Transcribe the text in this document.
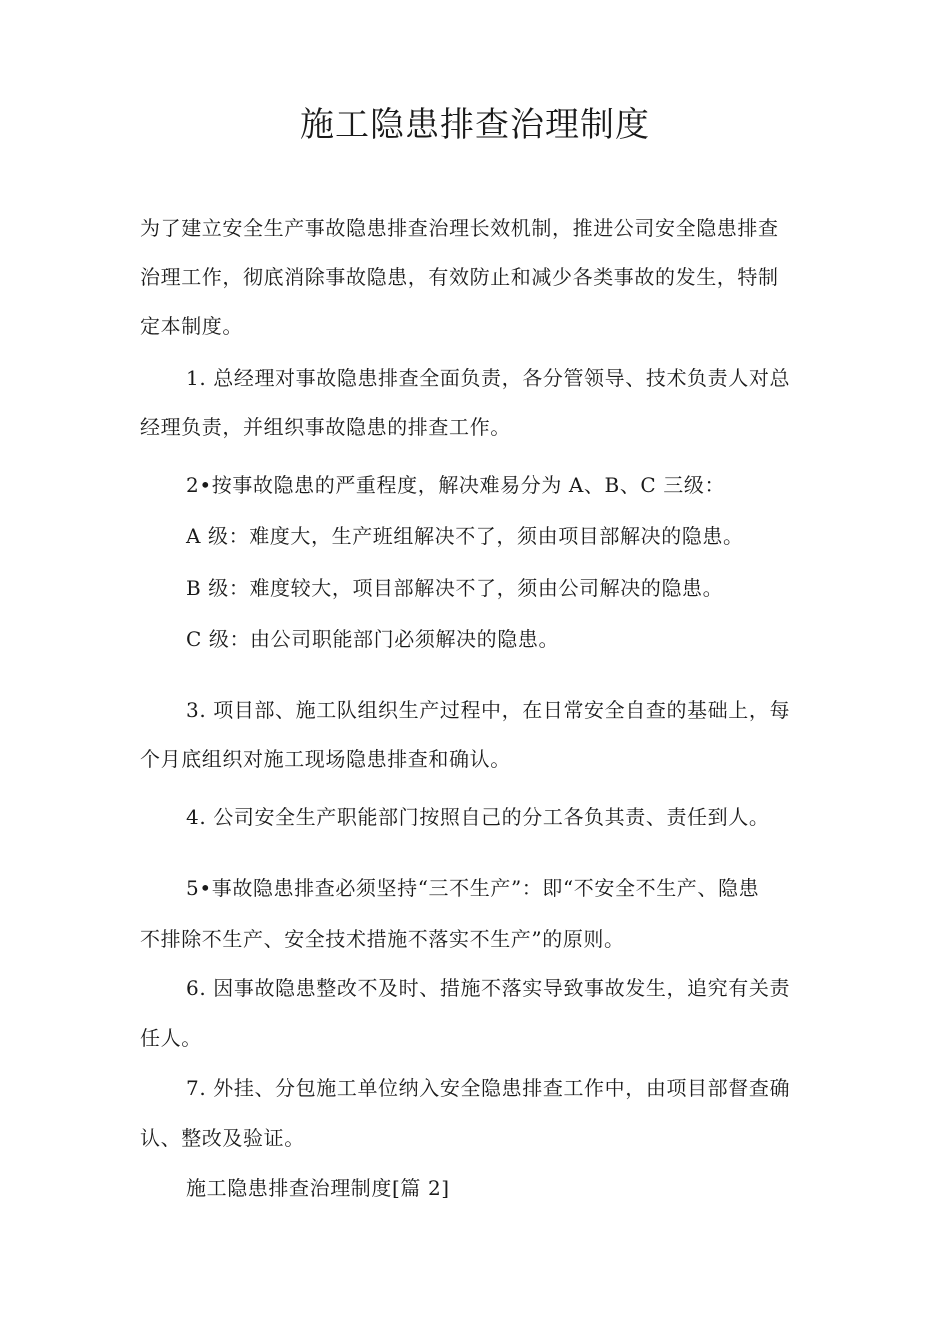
施工隐患排查治理制度
为了建立安全生产事故隐患排查治理长效机制，推进公司安全隐患排查
治理工作，彻底消除事故隐患，有效防止和减少各类事故的发生，特制
定本制度。
1. 总经理对事故隐患排查全面负责，各分管领导、技术负责人对总
经理负责，并组织事故隐患的排查工作。
2•按事故隐患的严重程度，解决难易分为 A、B、C 三级：
A 级：难度大，生产班组解决不了，须由项目部解决的隐患。
B 级：难度较大，项目部解决不了，须由公司解决的隐患。
C 级：由公司职能部门必须解决的隐患。
3. 项目部、施工队组织生产过程中，在日常安全自查的基础上，每
个月底组织对施工现场隐患排查和确认。
4. 公司安全生产职能部门按照自己的分工各负其责、责任到人。
5•事故隐患排查必须坚持“三不生产”：即“不安全不生产、隐患
不排除不生产、安全技术措施不落实不生产”的原则。
6. 因事故隐患整改不及时、措施不落实导致事故发生，追究有关责
任人。
7. 外挂、分包施工单位纳入安全隐患排查工作中，由项目部督查确
认、整改及验证。
施工隐患排查治理制度[篇 2]
